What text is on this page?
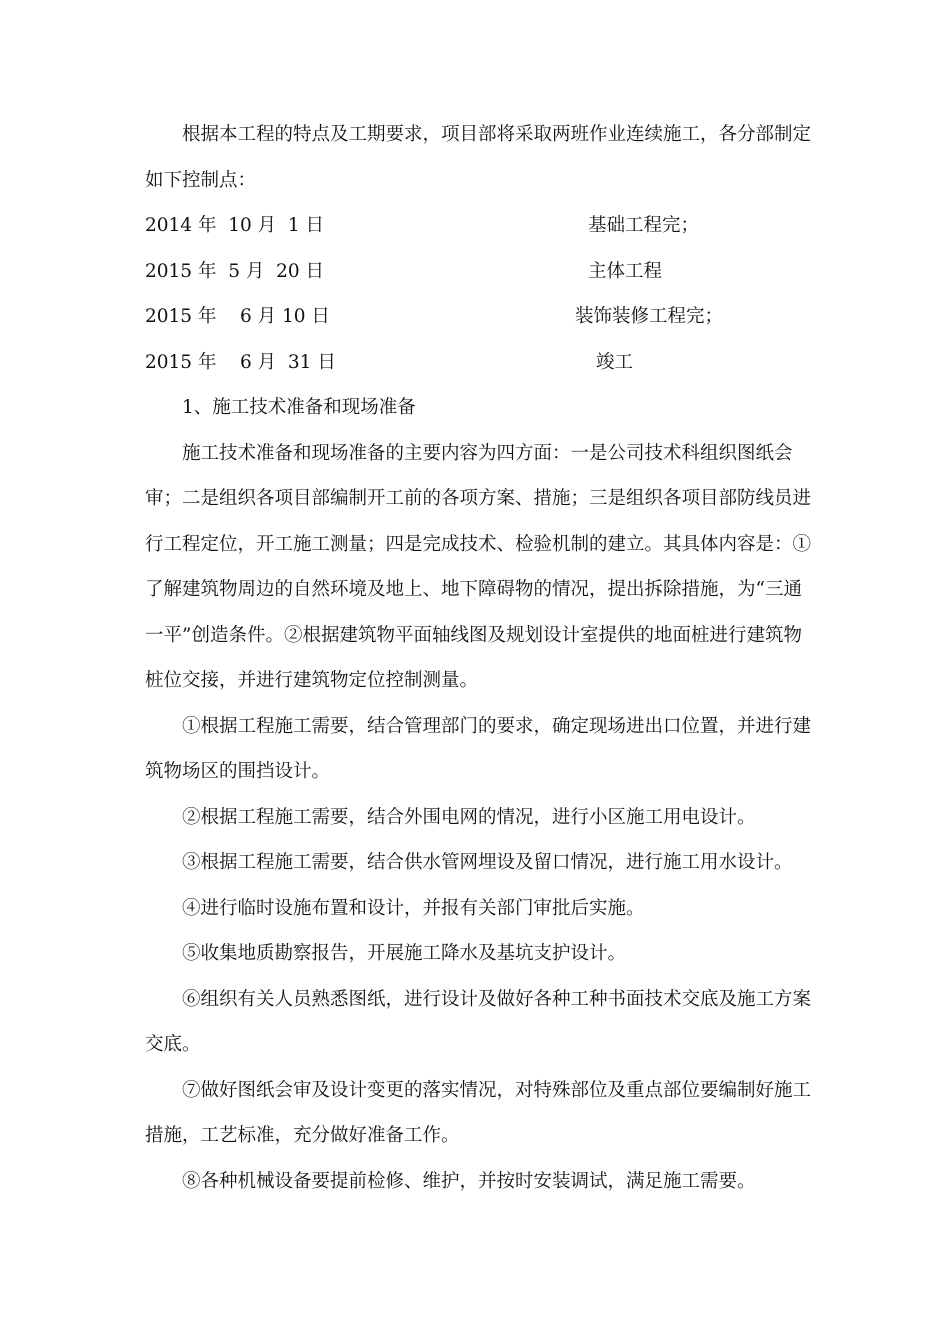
根据本工程的特点及工期要求，项目部将采取两班作业连续施工，各分部制定如下控制点：

2014 年  10 月  1 日	基础工程完；
2015 年  5 月  20 日	主体工程
2015 年    6 月 10 日	装饰装修工程完；
2015 年    6 月  31 日	竣工

1、施工技术准备和现场准备

施工技术准备和现场准备的主要内容为四方面：一是公司技术科组织图纸会审；二是组织各项目部编制开工前的各项方案、措施；三是组织各项目部防线员进行工程定位，开工施工测量；四是完成技术、检验机制的建立。其具体内容是：①了解建筑物周边的自然环境及地上、地下障碍物的情况，提出拆除措施，为“三通一平”创造条件。②根据建筑物平面轴线图及规划设计室提供的地面桩进行建筑物桩位交接，并进行建筑物定位控制测量。

①根据工程施工需要，结合管理部门的要求，确定现场进出口位置，并进行建筑物场区的围挡设计。

②根据工程施工需要，结合外围电网的情况，进行小区施工用电设计。

③根据工程施工需要，结合供水管网埋设及留口情况，进行施工用水设计。

④进行临时设施布置和设计，并报有关部门审批后实施。

⑤收集地质勘察报告，开展施工降水及基坑支护设计。

⑥组织有关人员熟悉图纸，进行设计及做好各种工种书面技术交底及施工方案交底。

⑦做好图纸会审及设计变更的落实情况，对特殊部位及重点部位要编制好施工措施，工艺标准，充分做好准备工作。

⑧各种机械设备要提前检修、维护，并按时安装调试，满足施工需要。
